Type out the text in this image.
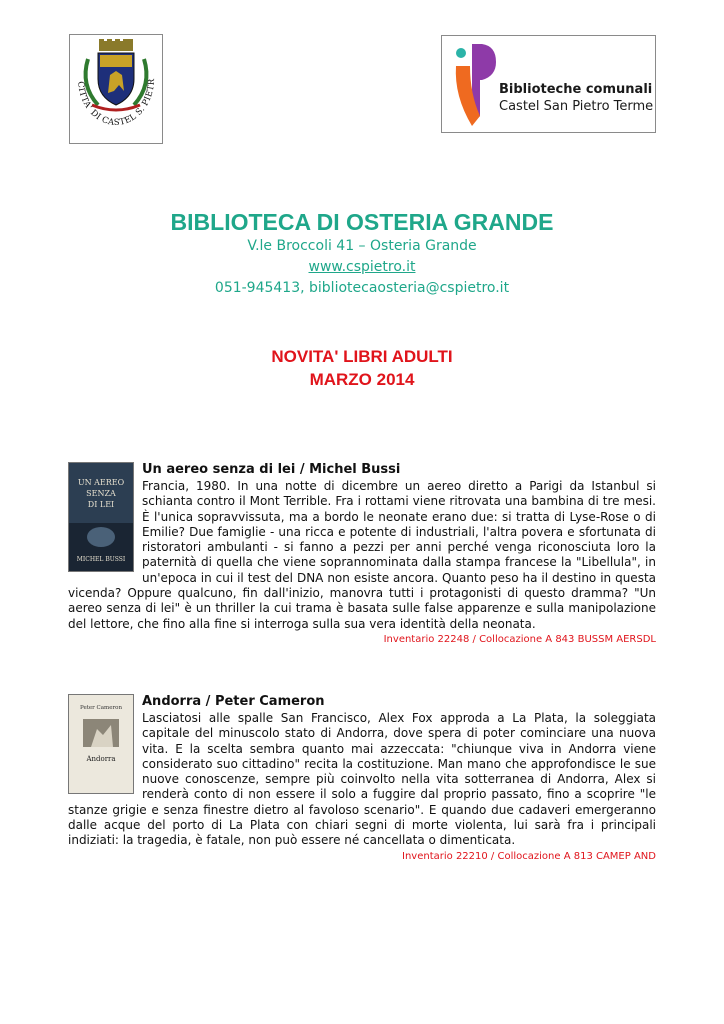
CITTA' DI CASTEL S. PIETR
Biblioteche comunali
Castel San Pietro Terme
BIBLIOTECA DI OSTERIA GRANDE
V.le Broccoli 41 – Osteria Grande
www.cspietro.it
051-945413, bibliotecaosteria@cspietro.it
NOVITA' LIBRI ADULTI
MARZO 2014
UN AEREO
SENZA
DI LEI
MICHEL BUSSI

Un aereo senza di lei / Michel Bussi

Francia, 1980. In una notte di dicembre un aereo diretto a Parigi da Istanbul si schianta contro il Mont Terrible. Fra i rottami viene ritrovata una bambina di tre mesi. È l'unica sopravvissuta, ma a bordo le neonate erano due: si tratta di Lyse-Rose o di Emilie? Due famiglie - una ricca e potente di industriali, l'altra povera e sfortunata di ristoratori ambulanti - si fanno a pezzi per anni perché venga riconosciuta loro la paternità di quella che viene soprannominata dalla stampa francese la "Libellula", in un'epoca in cui il test del DNA non esiste ancora. Quanto peso ha il destino in questa vicenda? Oppure qualcuno, fin dall'inizio, manovra tutti i protagonisti di questo dramma? "Un aereo senza di lei" è un thriller la cui trama è basata sulle false apparenze e sulla manipolazione del lettore, che fino alla fine si interroga sulla sua vera identità della neonata.

Inventario 22248 / Collocazione A 843 BUSSM AERSDL

Peter Cameron
Andorra

Andorra / Peter Cameron

Lasciatosi alle spalle San Francisco, Alex Fox approda a La Plata, la soleggiata capitale del minuscolo stato di Andorra, dove spera di poter cominciare una nuova vita. E la scelta sembra quanto mai azzeccata: "chiunque viva in Andorra viene considerato suo cittadino" recita la costituzione. Man mano che approfondisce le sue nuove conoscenze, sempre più coinvolto nella vita sotterranea di Andorra, Alex si renderà conto di non essere il solo a fuggire dal proprio passato, fino a scoprire "le stanze grigie e senza finestre dietro al favoloso scenario". E quando due cadaveri emergeranno dalle acque del porto di La Plata con chiari segni di morte violenta, lui sarà fra i principali indiziati: la tragedia, è fatale, non può essere né cancellata o dimenticata.

Inventario 22210 / Collocazione A 813 CAMEP AND
